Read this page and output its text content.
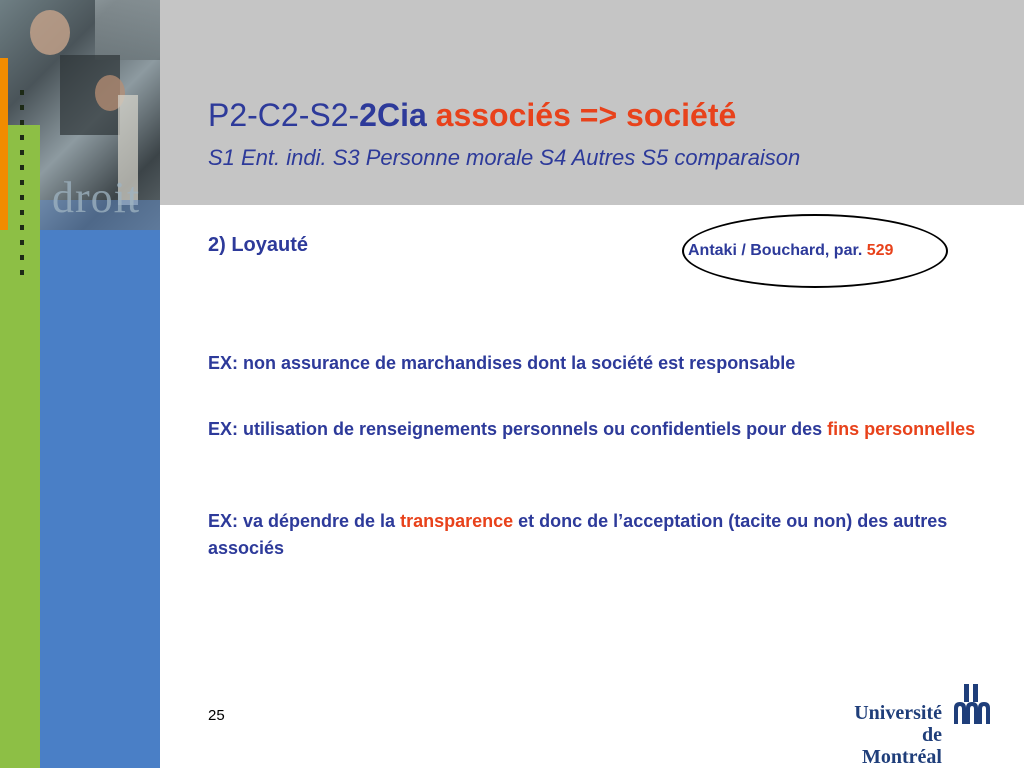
droit
P2-C2-S2-2Cia associés => société
S1 Ent. indi. S3 Personne morale S4 Autres S5 comparaison
2) Loyauté	Antaki / Bouchard, par. 529
EX: non assurance de marchandises dont la société est responsable
EX: utilisation de renseignements personnels ou confidentiels pour des fins personnelles
EX: va dépendre de la transparence et donc de l’acceptation (tacite ou non) des autres associés
25	Université
de Montréal
